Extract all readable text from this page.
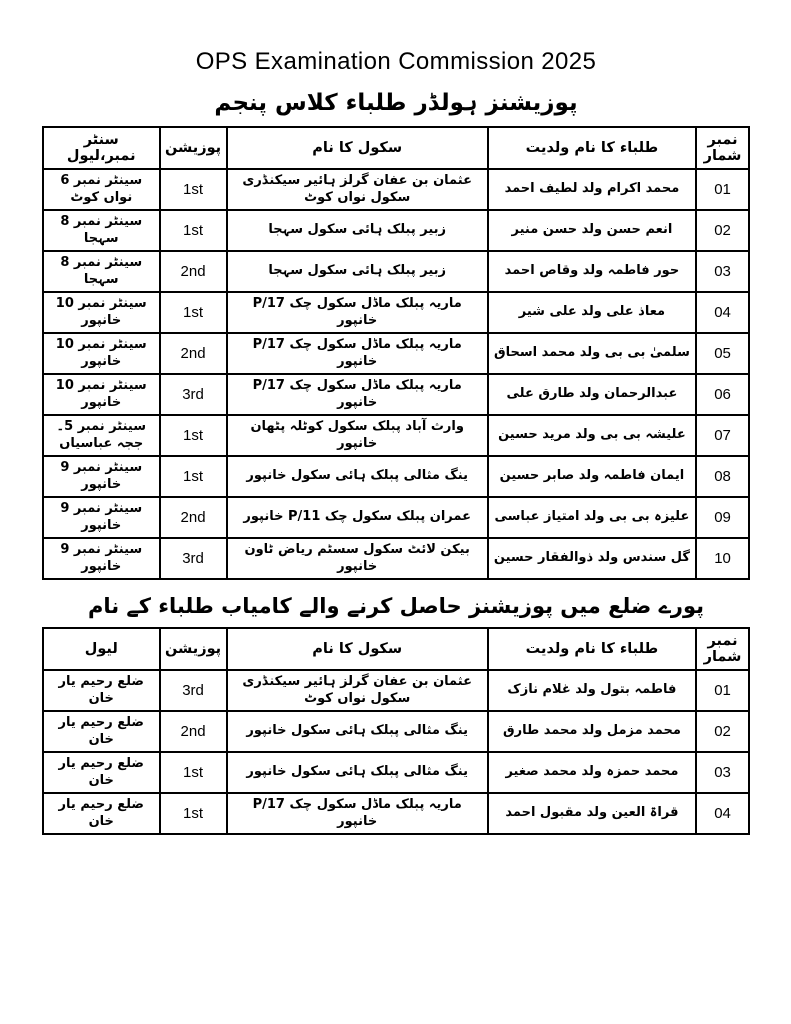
OPS Examination Commission 2025
پوزیشنز ہولڈر طلباء کلاس پنجم
نمبر شمار	طلباء کا نام ولدیت	سکول کا نام	پوزیشن	سنٹر نمبر،لیول
01	محمد اکرام ولد لطیف احمد	عثمان بن عفان گرلز ہائیر سیکنڈری سکول نواں کوٹ	1st	سینٹر نمبر 6 نواں کوٹ
02	انعم حسن ولد حسن منیر	زبیر پبلک ہائی سکول سہجا	1st	سینٹر نمبر 8 سہجا
03	حور فاطمہ ولد وقاص احمد	زبیر پبلک ہائی سکول سہجا	2nd	سینٹر نمبر 8 سہجا
04	معاذ علی ولد علی شیر	ماریہ پبلک ماڈل سکول چک 17/P خانپور	1st	سینٹر نمبر 10 خانپور
05	سلمیٰ بی بی ولد محمد اسحاق	ماریہ پبلک ماڈل سکول چک 17/P خانپور	2nd	سینٹر نمبر 10 خانپور
06	عبدالرحمان ولد طارق علی	ماریہ پبلک ماڈل سکول چک 17/P خانپور	3rd	سینٹر نمبر 10 خانپور
07	علیشہ بی بی ولد مرید حسین	وارث آباد پبلک سکول کوٹلہ پٹھان خانپور	1st	سینٹر نمبر 5۔ججہ عباسیاں
08	ایمان فاطمہ ولد صابر حسین	ینگ مثالی پبلک ہائی سکول خانپور	1st	سینٹر نمبر 9 خانپور
09	علیزہ بی بی ولد امتیاز عباسی	عمران پبلک سکول چک 11/P خانپور	2nd	سینٹر نمبر 9 خانپور
10	گل سندس ولد ذوالفقار حسین	بیکن لائٹ سکول سسٹم ریاض ٹاون خانپور	3rd	سینٹر نمبر 9 خانپور
پورے ضلع میں پوزیشنز حاصل کرنے والے کامیاب طلباء کے نام
نمبر شمار	طلباء کا نام ولدیت	سکول کا نام	پوزیشن	لیول
01	فاطمہ بتول ولد غلام نازک	عثمان بن عفان گرلز ہائیر سیکنڈری سکول نواں کوٹ	3rd	ضلع رحیم یار خان
02	محمد مزمل ولد محمد طارق	ینگ مثالی پبلک ہائی سکول خانپور	2nd	ضلع رحیم یار خان
03	محمد حمزہ ولد محمد صغیر	ینگ مثالی پبلک ہائی سکول خانپور	1st	ضلع رحیم یار خان
04	قراۃ العین ولد مقبول احمد	ماریہ پبلک ماڈل سکول چک 17/P خانپور	1st	ضلع رحیم یار خان
